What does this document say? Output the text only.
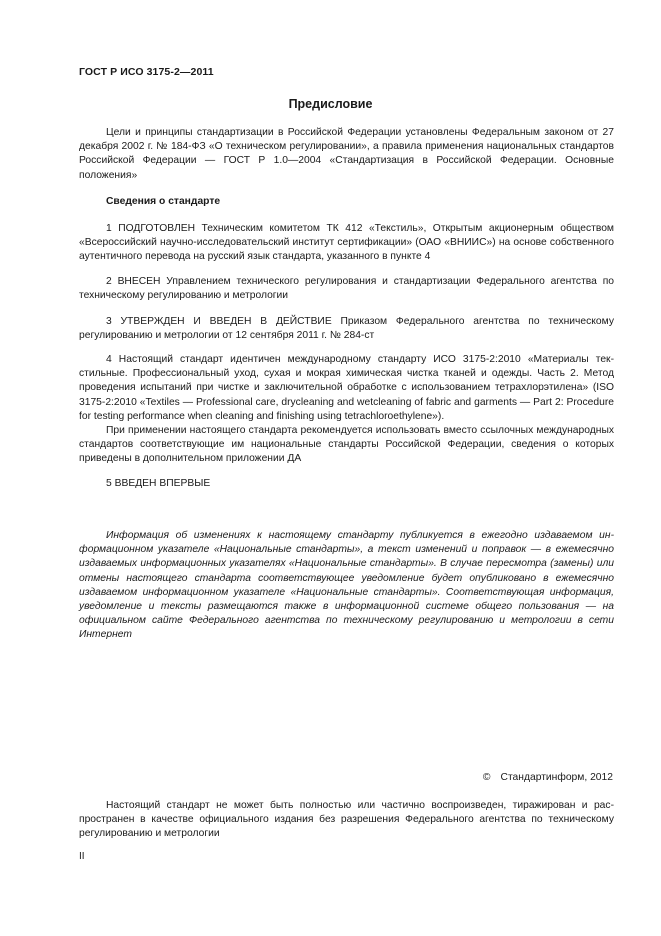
ГОСТ Р ИСО 3175-2—2011
Предисловие
Цели и принципы стандартизации в Российской Федерации установлены Федеральным законом от 27 декабря 2002 г. № 184-ФЗ «О техническом регулировании», а правила применения национальных стандартов Российской Федерации — ГОСТ Р 1.0—2004 «Стандартизация в Российской Федерации. Основные положения»
Сведения о стандарте
1 ПОДГОТОВЛЕН Техническим комитетом ТК 412 «Текстиль», Открытым акционерным обществом «Всероссийский научно-исследовательский институт сертификации» (ОАО «ВНИИС») на основе собственного аутентичного перевода на русский язык стандарта, указанного в пункте 4
2 ВНЕСЕН Управлением технического регулирования и стандартизации Федерального агентства по техническому регулированию и метрологии
3 УТВЕРЖДЕН И ВВЕДЕН В ДЕЙСТВИЕ Приказом Федерального агентства по техническому регулированию и метрологии от 12 сентября 2011 г. № 284-ст
4 Настоящий стандарт идентичен международному стандарту ИСО 3175-2:2010 «Материалы текстильные. Профессиональный уход, сухая и мокрая химическая чистка тканей и одежды. Часть 2. Метод проведения испытаний при чистке и заключительной обработке с использованием тетрахлорэтилена» (ISO 3175-2:2010 «Textiles — Professional care, drycleaning and wetcleaning of fabric and garments — Part 2: Procedure for testing performance when cleaning and finishing using tetrachloroethylene»).
При применении настоящего стандарта рекомендуется использовать вместо ссылочных международных стандартов соответствующие им национальные стандарты Российской Федерации, сведения о которых приведены в дополнительном приложении ДА
5 ВВЕДЕН ВПЕРВЫЕ
Информация об изменениях к настоящему стандарту публикуется в ежегодно издаваемом информационном указателе «Национальные стандарты», а текст изменений и поправок — в ежемесячно издаваемых информационных указателях «Национальные стандарты». В случае пересмотра (замены) или отмены настоящего стандарта соответствующее уведомление будет опубликовано в ежемесячно издаваемом информационном указателе «Национальные стандарты». Соответствующая информация, уведомление и тексты размещаются также в информационной системе общего пользования — на официальном сайте Федерального агентства по техническому регулированию и метрологии в сети Интернет
© Стандартинформ, 2012
Настоящий стандарт не может быть полностью или частично воспроизведен, тиражирован и распространен в качестве официального издания без разрешения Федерального агентства по техническому регулированию и метрологии
II
